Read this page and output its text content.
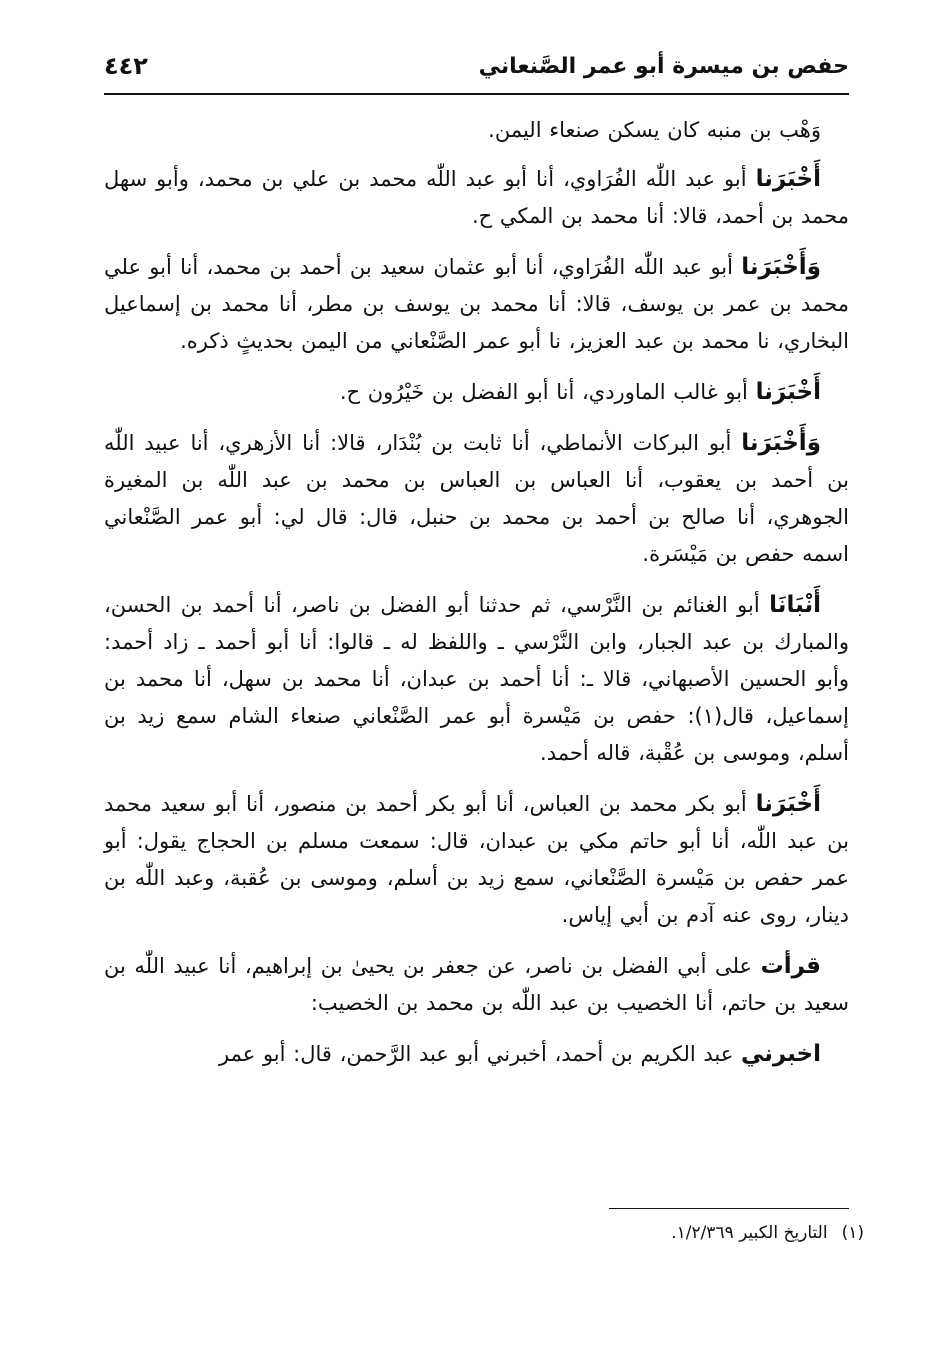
حفص بن ميسرة أبو عمر الصَّنعاني
٤٤٢

وَهْب بن منبه كان يسكن صنعاء اليمن.

أَخْبَرَنا أبو عبد اللّٰه الفُرَاوي، أنا أبو عبد اللّٰه محمد بن علي بن محمد، وأبو سهل محمد بن أحمد، قالا: أنا محمد بن المكي ح.

وَأَخْبَرَنا أبو عبد اللّٰه الفُرَاوي، أنا أبو عثمان سعيد بن أحمد بن محمد، أنا أبو علي محمد بن عمر بن يوسف، قالا: أنا محمد بن يوسف بن مطر، أنا محمد بن إسماعيل البخاري، نا محمد بن عبد العزيز، نا أبو عمر الصَّنْعاني من اليمن بحديثٍ ذكره.

أَخْبَرَنا أبو غالب الماوردي، أنا أبو الفضل بن خَيْرُون ح.

وَأَخْبَرَنا أبو البركات الأنماطي، أنا ثابت بن بُنْدَار، قالا: أنا الأزهري، أنا عبيد اللّٰه بن أحمد بن يعقوب، أنا العباس بن العباس بن محمد بن عبد اللّٰه بن المغيرة الجوهري، أنا صالح بن أحمد بن محمد بن حنبل، قال: قال لي: أبو عمر الصَّنْعاني اسمه حفص بن مَيْسَرة.

أَنْبَانَا أبو الغنائم بن النَّرْسي، ثم حدثنا أبو الفضل بن ناصر، أنا أحمد بن الحسن، والمبارك بن عبد الجبار، وابن النَّرْسي ـ واللفظ له ـ قالوا: أنا أبو أحمد ـ زاد أحمد: وأبو الحسين الأصبهاني، قالا ـ: أنا أحمد بن عبدان، أنا محمد بن سهل، أنا محمد بن إسماعيل، قال(١): حفص بن مَيْسرة أبو عمر الصَّنْعاني صنعاء الشام سمع زيد بن أسلم، وموسى بن عُقْبة، قاله أحمد.

أَخْبَرَنا أبو بكر محمد بن العباس، أنا أبو بكر أحمد بن منصور، أنا أبو سعيد محمد بن عبد اللّٰه، أنا أبو حاتم مكي بن عبدان، قال: سمعت مسلم بن الحجاج يقول: أبو عمر حفص بن مَيْسرة الصَّنْعاني، سمع زيد بن أسلم، وموسى بن عُقبة، وعبد اللّٰه بن دينار، روى عنه آدم بن أبي إياس.

قرأت على أبي الفضل بن ناصر، عن جعفر بن يحيىٰ بن إبراهيم، أنا عبيد اللّٰه بن سعيد بن حاتم، أنا الخصيب بن عبد اللّٰه بن محمد بن الخصيب:

اخبرني عبد الكريم بن أحمد، أخبرني أبو عبد الرَّحمن، قال: أبو عمر

(١)التاريخ الكبير ١/٢/٣٦٩.
